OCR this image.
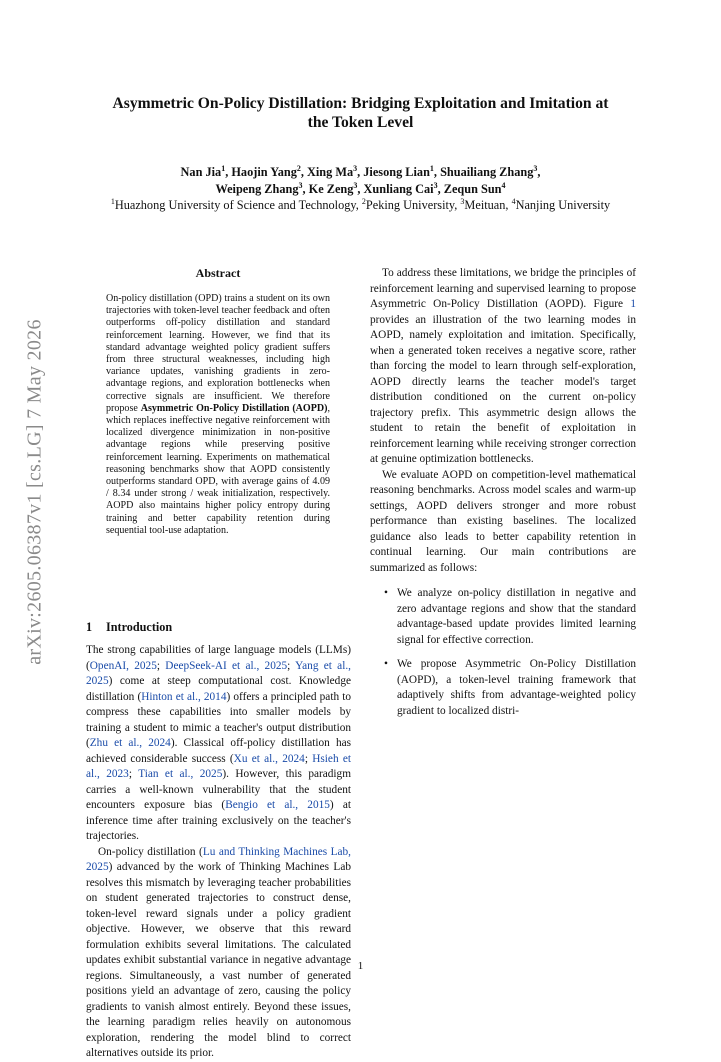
Asymmetric On-Policy Distillation: Bridging Exploitation and Imitation at the Token Level
Nan Jia$^1$, Haojin Yang$^2$, Xing Ma$^3$, Jiesong Lian$^1$, Shuailiang Zhang$^3$,
Weipeng Zhang$^3$, Ke Zeng$^3$, Xunliang Cai$^3$, Zequn Sun$^4$
$^1$Huazhong University of Science and Technology, $^2$Peking University, $^3$Meituan, $^4$Nanjing University
arXiv:2605.06387v1 [cs.LG] 7 May 2026
Abstract

On-policy distillation (OPD) trains a student on its own trajectories with token-level teacher feedback and often outperforms off-policy distillation and standard reinforcement learning. However, we find that its standard advantage weighted policy gradient suffers from three structural weaknesses, including high variance updates, vanishing gradients in zero-advantage regions, and exploration bottlenecks when corrective signals are insufficient. We therefore propose Asymmetric On-Policy Distillation (AOPD), which replaces ineffective negative reinforcement with localized divergence minimization in non-positive advantage regions while preserving positive reinforcement learning. Experiments on mathematical reasoning benchmarks show that AOPD consistently outperforms standard OPD, with average gains of 4.09 / 8.34 under strong / weak initialization, respectively. AOPD also maintains higher policy entropy during training and better capability retention during sequential tool-use adaptation.

1 Introduction

The strong capabilities of large language models (LLMs) (OpenAI, 2025; DeepSeek-AI et al., 2025; Yang et al., 2025) come at steep computational cost. Knowledge distillation (Hinton et al., 2014) offers a principled path to compress these capabilities into smaller models by training a student to mimic a teacher's output distribution (Zhu et al., 2024). Classical off-policy distillation has achieved considerable success (Xu et al., 2024; Hsieh et al., 2023; Tian et al., 2025). However, this paradigm carries a well-known vulnerability that the student encounters exposure bias (Bengio et al., 2015) at inference time after training exclusively on the teacher's trajectories.

On-policy distillation (Lu and Thinking Machines Lab, 2025) advanced by the work of Thinking Machines Lab resolves this mismatch by leveraging teacher probabilities on student generated trajectories to construct dense, token-level reward signals under a policy gradient objective. However, we observe that this reward formulation exhibits several limitations. The calculated updates exhibit substantial variance in negative advantage regions. Simultaneously, a vast number of generated positions yield an advantage of zero, causing the policy gradients to vanish almost entirely. Beyond these issues, the learning paradigm relies heavily on autonomous exploration, rendering the model blind to correct alternatives outside its prior.

To address these limitations, we bridge the principles of reinforcement learning and supervised learning to propose Asymmetric On-Policy Distillation (AOPD). Figure 1 provides an illustration of the two learning modes in AOPD, namely exploitation and imitation. Specifically, when a generated token receives a negative score, rather than forcing the model to learn through self-exploration, AOPD directly learns the teacher model's target distribution conditioned on the current on-policy trajectory prefix. This asymmetric design allows the student to retain the benefit of exploitation in reinforcement learning while receiving stronger correction at genuine optimization bottlenecks.

We evaluate AOPD on competition-level mathematical reasoning benchmarks. Across model scales and warm-up settings, AOPD delivers stronger and more robust performance than existing baselines. The localized guidance also leads to better capability retention in continual learning. Our main contributions are summarized as follows:

• We analyze on-policy distillation in negative and zero advantage regions and show that the standard advantage-based update provides limited learning signal for effective correction.
• We propose Asymmetric On-Policy Distillation (AOPD), a token-level training framework that adaptively shifts from advantage-weighted policy gradient to localized distri-
1
